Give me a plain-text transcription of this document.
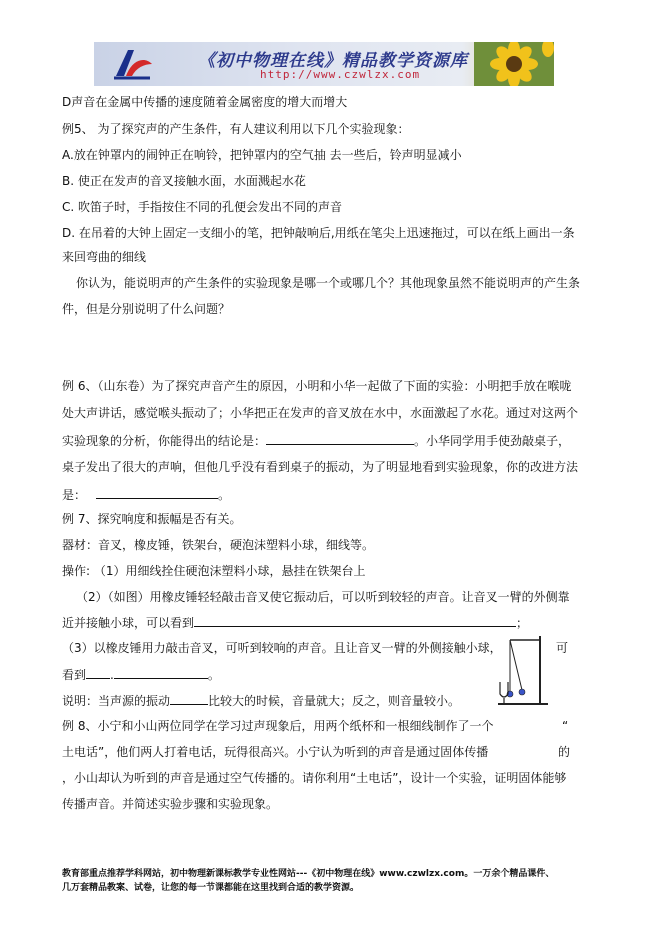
《初中物理在线》精品教学资源库
http://www.czwlzx.com
D声音在金属中传播的速度随着金属密度的增大而增大
例5、 为了探究声的产生条件，有人建议利用以下几个实验现象：
A.放在钟罩内的闹钟正在响铃，把钟罩内的空气抽 去一些后，铃声明显减小
B. 使正在发声的音叉接触水面，水面溅起水花
C. 吹笛子时，手指按住不同的孔便会发出不同的声音
D. 在吊着的大钟上固定一支细小的笔，把钟敲响后,用纸在笔尖上迅速拖过，可以在纸上画出一条
来回弯曲的细线
你认为，能说明声的产生条件的实验现象是哪一个或哪几个？其他现象虽然不能说明声的产生条
件，但是分别说明了什么问题？
例 6、（山东卷）为了探究声音产生的原因，小明和小华一起做了下面的实验：小明把手放在喉咙
处大声讲话，感觉喉头振动了；小华把正在发声的音叉放在水中，水面激起了水花。通过对这两个
实验现象的分析，你能得出的结论是：	。小华同学用手使劲敲桌子，
桌子发出了很大的声响，但他几乎没有看到桌子的振动，为了明显地看到实验现象，你的改进方法
是：	。
例 7、探究响度和振幅是否有关。
器材：音叉，橡皮锤，铁架台，硬泡沫塑料小球，细线等。
操作: （1）用细线拴住硬泡沫塑料小球，悬挂在铁架台上
（2）（如图）用橡皮锤轻轻敲击音叉使它振动后，可以听到较轻的声音。让音叉一臂的外侧靠
近并接触小球，可以看到	；
（3）以橡皮锤用力敲击音叉，可听到较响的声音。且让音叉一臂的外侧接触小球，	可
看到 .	。
说明：当声源的振动	比较大的时候，音量就大；反之，则音量较小。
例 8、小宁和小山两位同学在学习过声现象后，用两个纸杯和一根细线制作了一个	“
土电话”，他们两人打着电话，玩得很高兴。小宁认为听到的声音是通过固体传播	的
，小山却认为听到的声音是通过空气传播的。请你利用“土电话”，设计一个实验，证明固体能够
传播声音。并简述实验步骤和实验现象。
教育部重点推荐学科网站，初中物理新课标教学专业性网站---《初中物理在线》www.czwlzx.com。一万余个精品课件、
几万套精品教案、试卷，让您的每一节课都能在这里找到合适的教学资源。
